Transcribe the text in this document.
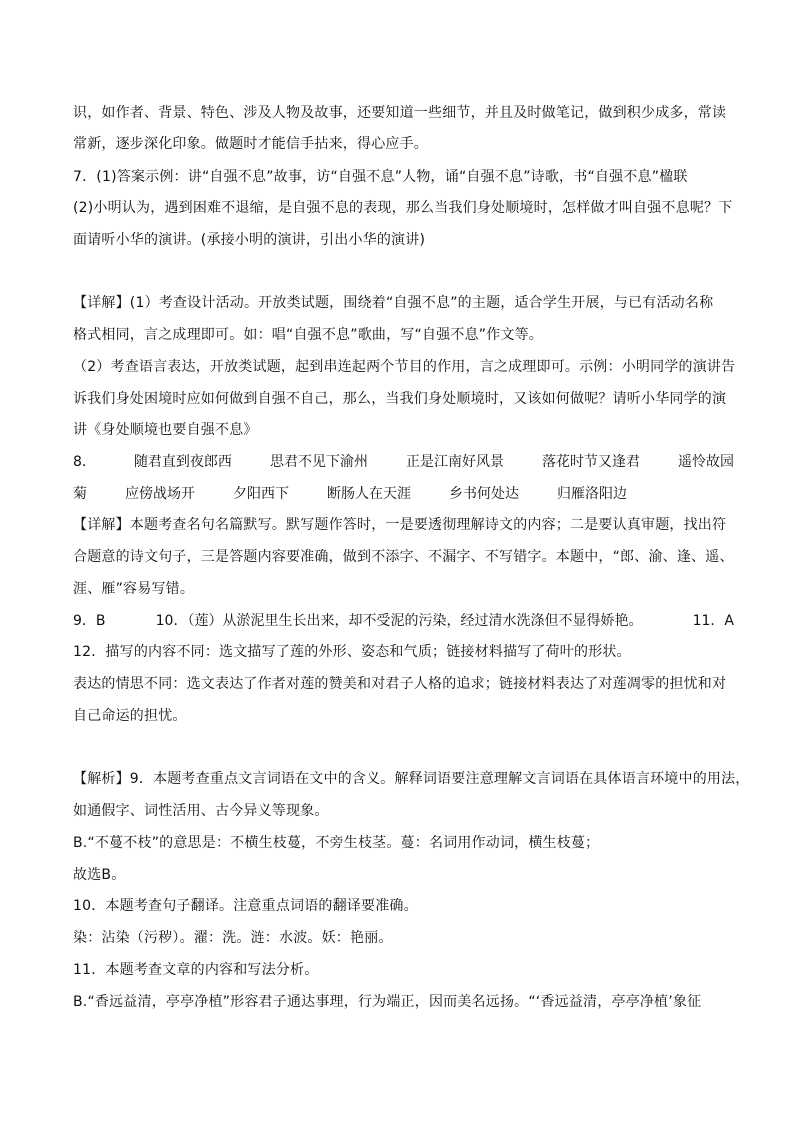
识，如作者、背景、特色、涉及人物及故事，还要知道一些细节，并且及时做笔记，做到积少成多，常读
常新，逐步深化印象。做题时才能信手拈来，得心应手。
7．(1)答案示例：讲“自强不息”故事，访“自强不息”人物，诵“自强不息”诗歌，书“自强不息”楹联
(2)小明认为，遇到困难不退缩，是自强不息的表现，那么当我们身处顺境时，怎样做才叫自强不息呢？下
面请听小华的演讲。(承接小明的演讲，引出小华的演讲)
【详解】(1）考查设计活动。开放类试题，围绕着“自强不息”的主题，适合学生开展，与已有活动名称
格式相同，言之成理即可。如：唱“自强不息”歌曲，写“自强不息”作文等。
（2）考查语言表达，开放类试题，起到串连起两个节目的作用，言之成理即可。示例：小明同学的演讲告
诉我们身处困境时应如何做到自强不自己，那么，当我们身处顺境时，又该如何做呢？请听小华同学的演
讲《身处顺境也要自强不息》
8．	随君直到夜郎西	思君不见下渝州	正是江南好风景	落花时节又逢君	遥怜故园
菊	应傍战场开	夕阳西下	断肠人在天涯	乡书何处达	归雁洛阳边
【详解】本题考查名句名篇默写。默写题作答时，一是要透彻理解诗文的内容；二是要认真审题，找出符
合题意的诗文句子，三是答题内容要准确，做到不添字、不漏字、不写错字。本题中，“郎、渝、逢、遥、
涯、雁”容易写错。
9．B	10．（莲）从淤泥里生长出来，却不受泥的污染，经过清水洗涤但不显得娇艳。	11．A
12．描写的内容不同：选文描写了莲的外形、姿态和气质；链接材料描写了荷叶的形状。
表达的情思不同：选文表达了作者对莲的赞美和对君子人格的追求；链接材料表达了对莲凋零的担忧和对
自己命运的担忧。
【解析】9．本题考查重点文言词语在文中的含义。解释词语要注意理解文言词语在具体语言环境中的用法，
如通假字、词性活用、古今异义等现象。
B.“不蔓不枝”的意思是：不横生枝蔓，不旁生枝茎。蔓：名词用作动词，横生枝蔓；
故选B。
10．本题考查句子翻译。注意重点词语的翻译要准确。
染：沾染（污秽）。濯：洗。涟：水波。妖：艳丽。
11．本题考查文章的内容和写法分析。
B.“香远益清，亭亭净植”形容君子通达事理，行为端正，因而美名远扬。“‘香远益清，亭亭净植’象征
